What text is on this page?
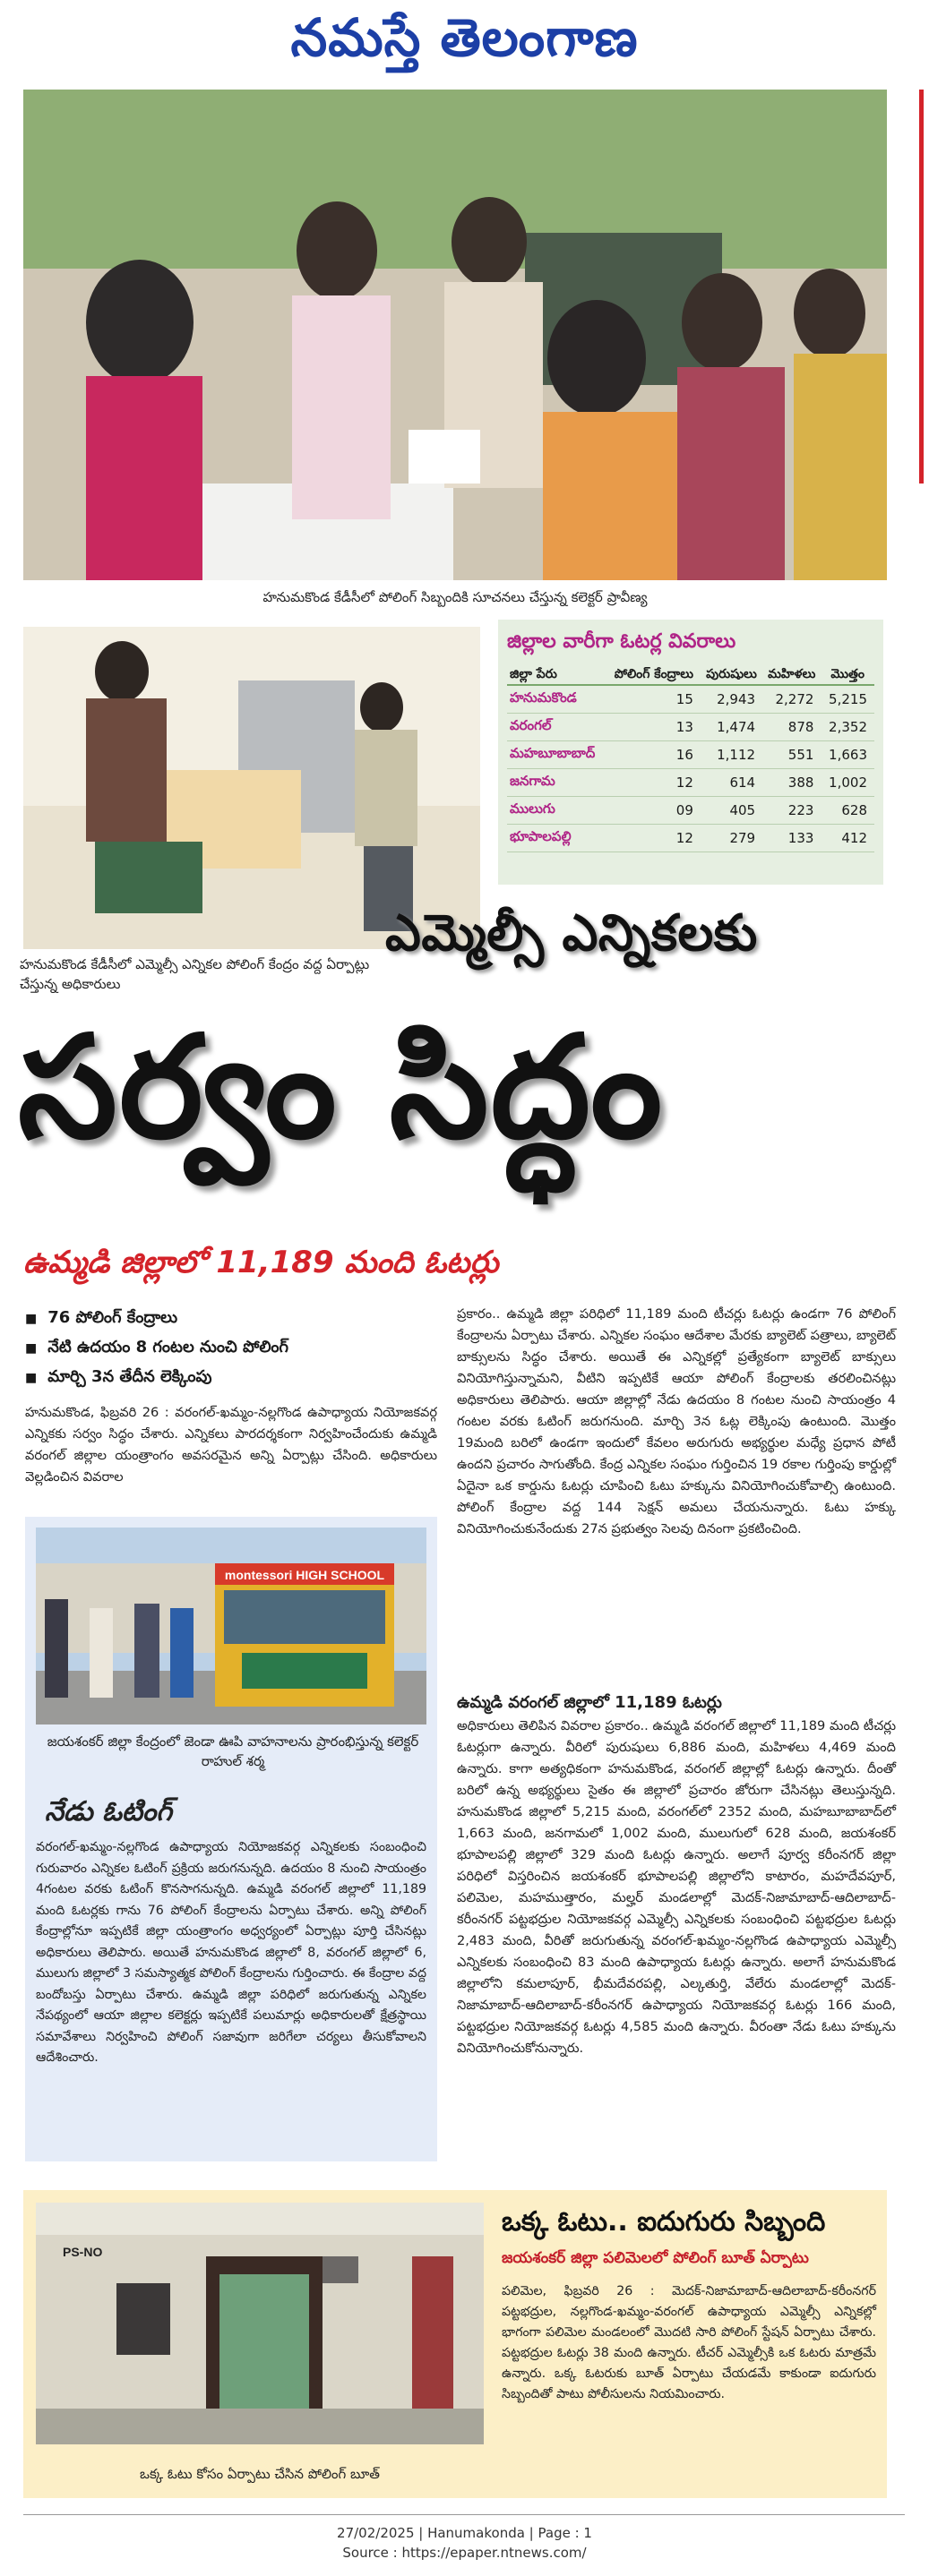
నమస్తే తెలంగాణ
హనుమకొండ కేడీసీలో పోలింగ్ సిబ్బందికి సూచనలు చేస్తున్న కలెక్టర్ ప్రావీణ్య
హనుమకొండ కేడీసీలో ఎమ్మెల్సీ ఎన్నికల పోలింగ్ కేంద్రం వద్ద ఏర్పాట్లు చేస్తున్న అధికారులు
జిల్లాల వారీగా ఓటర్ల వివరాలు
జిల్లా పేరు	పోలింగ్ కేంద్రాలు	పురుషులు	మహిళలు	మొత్తం
హనుమకొండ	15	2,943	2,272	5,215
వరంగల్	13	1,474	878	2,352
మహబూబాబాద్	16	1,112	551	1,663
జనగామ	12	614	388	1,002
ములుగు	09	405	223	628
భూపాలపల్లి	12	279	133	412
ఎమ్మెల్సీ ఎన్నికలకు
సర్వం సిద్ధం
ఉమ్మడి జిల్లాలో 11,189 మంది ఓటర్లు
■ 76 పోలింగ్ కేంద్రాలు
■ నేటి ఉదయం 8 గంటల నుంచి పోలింగ్
■ మార్చి 3న తేదీన లెక్కింపు
హనుమకొండ, ఫిబ్రవరి 26 : వరంగల్-ఖమ్మం-నల్లగొండ ఉపాధ్యాయ నియోజకవర్గ ఎన్నికకు సర్వం సిద్ధం చేశారు. ఎన్నికలు పారదర్శకంగా నిర్వహించేందుకు ఉమ్మడి వరంగల్ జిల్లాల యంత్రాంగం అవసరమైన అన్ని ఏర్పాట్లు చేసింది. అధికారులు వెల్లడించిన వివరాల
montessori HIGH SCHOOL
జయశంకర్ జిల్లా కేంద్రంలో జెండా ఊపి వాహనాలను ప్రారంభిస్తున్న కలెక్టర్ రాహుల్ శర్మ
నేడు ఓటింగ్
వరంగల్-ఖమ్మం-నల్లగొండ ఉపాధ్యాయ నియోజకవర్గ ఎన్నికలకు సంబంధించి గురువారం ఎన్నికల ఓటింగ్ ప్రక్రియ జరుగనున్నది. ఉదయం 8 నుంచి సాయంత్రం 4గంటల వరకు ఓటింగ్ కొనసాగనున్నది. ఉమ్మడి వరంగల్ జిల్లాలో 11,189 మంది ఓటర్లకు గాను 76 పోలింగ్ కేంద్రాలను ఏర్పాటు చేశారు. అన్ని పోలింగ్ కేంద్రాల్లోనూ ఇప్పటికే జిల్లా యంత్రాంగం అధ్వర్యంలో ఏర్పాట్లు పూర్తి చేసినట్లు అధికారులు తెలిపారు. అయితే హనుమకొండ జిల్లాలో 8, వరంగల్ జిల్లాలో 6, ములుగు జిల్లాలో 3 సమస్యాత్మక పోలింగ్ కేంద్రాలను గుర్తించారు. ఈ కేంద్రాల వద్ద బందోబస్తు ఏర్పాటు చేశారు. ఉమ్మడి జిల్లా పరిధిలో జరుగుతున్న ఎన్నికల నేపథ్యంలో ఆయా జిల్లాల కలెక్టర్లు ఇప్పటికే పలుమార్లు అధికారులతో క్షేత్రస్థాయి సమావేశాలు నిర్వహించి పోలింగ్ సజావుగా జరిగేలా చర్యలు తీసుకోవాలని ఆదేశించారు.
ప్రకారం.. ఉమ్మడి జిల్లా పరిధిలో 11,189 మంది టీచర్లు ఓటర్లు ఉండగా 76 పోలింగ్ కేంద్రాలను ఏర్పాటు చేశారు. ఎన్నికల సంఘం ఆదేశాల మేరకు బ్యాలెట్ పత్రాలు, బ్యాలెట్ బాక్సులను సిద్ధం చేశారు. అయితే ఈ ఎన్నికల్లో ప్రత్యేకంగా బ్యాలెట్ బాక్సులు వినియోగిస్తున్నామని, వీటిని ఇప్పటికే ఆయా పోలింగ్ కేంద్రాలకు తరలించినట్లు అధికారులు తెలిపారు. ఆయా జిల్లాల్లో నేడు ఉదయం 8 గంటల నుంచి సాయంత్రం 4 గంటల వరకు ఓటింగ్ జరుగనుంది. మార్చి 3న ఓట్ల లెక్కింపు ఉంటుంది. మొత్తం 19మంది బరిలో ఉండగా ఇందులో కేవలం అరుగురు అభ్యర్థుల మధ్యే ప్రధాన పోటీ ఉందని ప్రచారం సాగుతోంది. కేంద్ర ఎన్నికల సంఘం గుర్తించిన 19 రకాల గుర్తింపు కార్డుల్లో ఏదైనా ఒక కార్డును ఓటర్లు చూపించి ఓటు హక్కును వినియోగించుకోవాల్సి ఉంటుంది. పోలింగ్ కేంద్రాల వద్ద 144 సెక్షన్ అమలు చేయనున్నారు. ఓటు హక్కు వినియోగించుకునేందుకు 27న ప్రభుత్వం సెలవు దినంగా ప్రకటించింది.
ఉమ్మడి వరంగల్ జిల్లాలో 11,189 ఓటర్లు
అధికారులు తెలిపిన వివరాల ప్రకారం.. ఉమ్మడి వరంగల్ జిల్లాలో 11,189 మంది టీచర్లు ఓటర్లుగా ఉన్నారు. వీరిలో పురుషులు 6,886 మంది, మహిళలు 4,469 మంది ఉన్నారు. కాగా అత్యధికంగా హనుమకొండ, వరంగల్ జిల్లాల్లో ఓటర్లు ఉన్నారు. దీంతో బరిలో ఉన్న అభ్యర్థులు సైతం ఈ జిల్లాలో ప్రచారం జోరుగా చేసినట్లు తెలుస్తున్నది. హనుమకొండ జిల్లాలో 5,215 మంది, వరంగల్‌లో 2352 మంది, మహబూబాబాద్‌లో 1,663 మంది, జనగామలో 1,002 మంది, ములుగులో 628 మంది, జయశంకర్ భూపాలపల్లి జిల్లాలో 329 మంది ఓటర్లు ఉన్నారు. అలాగే పూర్వ కరీంనగర్ జిల్లా పరిధిలో విస్తరించిన జయశంకర్ భూపాలపల్లి జిల్లాలోని కాటారం, మహదేవపూర్, పలిమెల, మహముత్తారం, మల్హర్ మండలాల్లో మెదక్-నిజామాబాద్-ఆదిలాబాద్-కరీంనగర్ పట్టభద్రుల నియోజకవర్గ ఎమ్మెల్సీ ఎన్నికలకు సంబంధించి పట్టభద్రుల ఓటర్లు 2,483 మంది, వీరితో జరుగుతున్న వరంగల్-ఖమ్మం-నల్లగొండ ఉపాధ్యాయ ఎమ్మెల్సీ ఎన్నికలకు సంబంధించి 83 మంది ఉపాధ్యాయ ఓటర్లు ఉన్నారు. అలాగే హనుమకొండ జిల్లాలోని కమలాపూర్, భీమదేవరపల్లి, ఎల్కతుర్తి, వేలేరు మండలాల్లో మెదక్-నిజామాబాద్-ఆదిలాబాద్-కరీంనగర్ ఉపాధ్యాయ నియోజకవర్గ ఓటర్లు 166 మంది, పట్టభద్రుల నియోజకవర్గ ఓటర్లు 4,585 మంది ఉన్నారు. వీరంతా నేడు ఓటు హక్కును వినియోగించుకోనున్నారు.
PS-NO
ఒక్క ఓటు కోసం ఏర్పాటు చేసిన పోలింగ్ బూత్
ఒక్క ఓటు.. ఐదుగురు సిబ్బంది
జయశంకర్ జిల్లా పలిమెలలో పోలింగ్ బూత్ ఏర్పాటు
పలిమెల, ఫిబ్రవరి 26 : మెదక్-నిజామాబాద్-ఆదిలాబాద్-కరీంనగర్ పట్టభద్రుల, నల్లగొండ-ఖమ్మం-వరంగల్ ఉపాధ్యాయ ఎమ్మెల్సీ ఎన్నికల్లో భాగంగా పలిమెల మండలంలో మొదటి సారి పోలింగ్ స్టేషన్ ఏర్పాటు చేశారు. పట్టభద్రుల ఓటర్లు 38 మంది ఉన్నారు. టీచర్ ఎమ్మెల్సీకి ఒక ఓటరు మాత్రమే ఉన్నారు. ఒక్క ఓటరుకు బూత్ ఏర్పాటు చేయడమే కాకుండా ఐదుగురు సిబ్బందితో పాటు పోలీసులను నియమించారు.
27/02/2025 | Hanumakonda | Page : 1
Source : https://epaper.ntnews.com/
